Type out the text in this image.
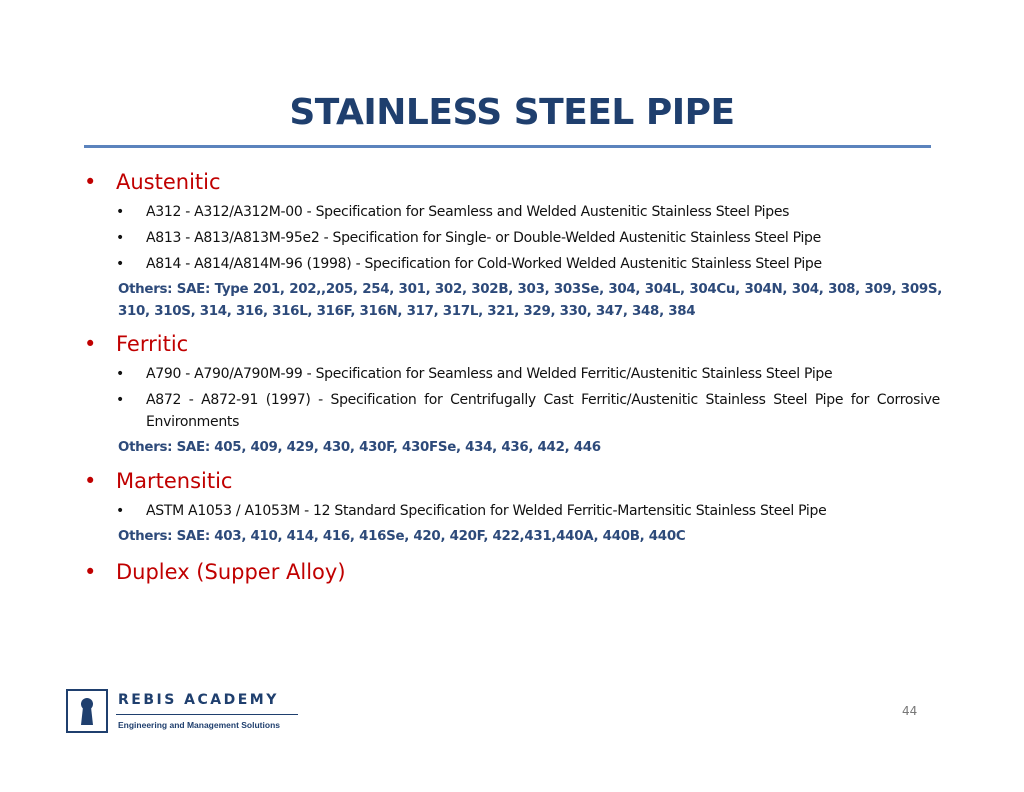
STAINLESS STEEL PIPE
• Austenitic
• A312 - A312/A312M-00 - Specification for Seamless and Welded Austenitic Stainless Steel Pipes
• A813 - A813/A813M-95e2 - Specification for Single- or Double-Welded Austenitic Stainless Steel Pipe
• A814 - A814/A814M-96 (1998) - Specification for Cold-Worked Welded Austenitic Stainless Steel Pipe
Others: SAE: Type 201, 202,,205, 254, 301, 302, 302B, 303, 303Se, 304, 304L, 304Cu, 304N, 304, 308, 309, 309S, 310, 310S, 314, 316, 316L, 316F, 316N, 317, 317L, 321, 329, 330, 347, 348, 384
• Ferritic
• A790 - A790/A790M-99 - Specification for Seamless and Welded Ferritic/Austenitic Stainless Steel Pipe
• A872 - A872-91 (1997) - Specification for Centrifugally Cast Ferritic/Austenitic Stainless Steel Pipe for Corrosive Environments
Others: SAE: 405, 409, 429, 430, 430F, 430FSe, 434, 436, 442, 446
• Martensitic
• ASTM A1053 / A1053M - 12 Standard Specification for Welded Ferritic-Martensitic Stainless Steel Pipe
Others: SAE: 403, 410, 414, 416, 416Se, 420, 420F, 422,431,440A, 440B, 440C
• Duplex (Supper Alloy)
REBIS ACADEMY
Engineering and Management Solutions
44
